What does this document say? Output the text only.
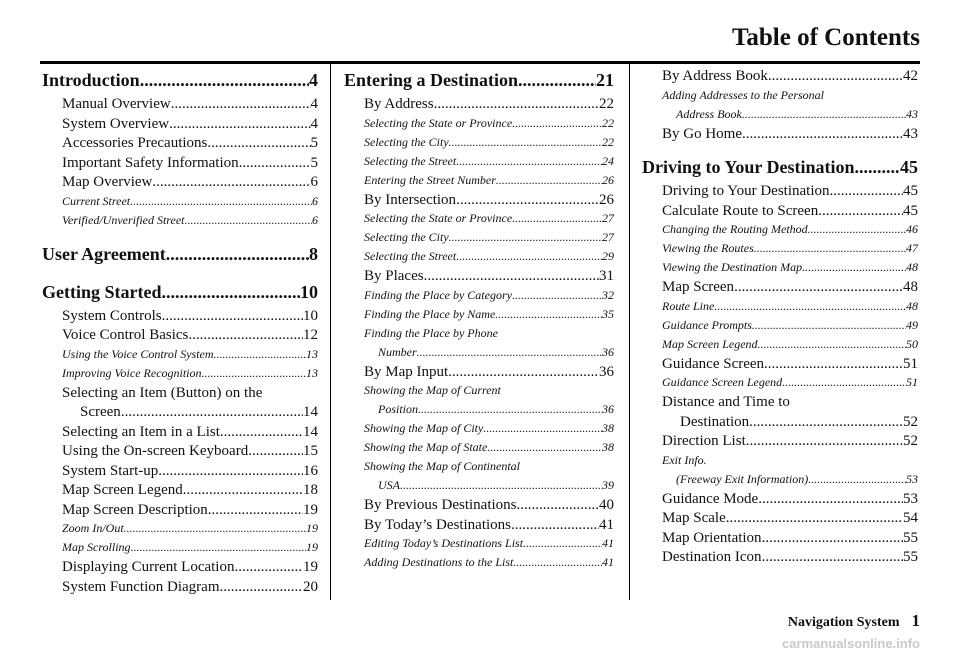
Table of Contents
Introduction .....	4
Manual Overview .....	4
System Overview .....	4
Accessories Precautions .....	5
Important Safety Information .....	5
Map Overview .....	6
Current Street .....	6
Verified/Unverified Street .....	6
User Agreement .....	8
Getting Started .....	10
System Controls .....	10
Voice Control Basics .....	12
Using the Voice Control System .....	13
Improving Voice Recognition .....	13
Selecting an Item (Button) on the
Screen .....	14
Selecting an Item in a List .....	14
Using the On-screen Keyboard .....	15
System Start-up .....	16
Map Screen Legend .....	18
Map Screen Description .....	19
Zoom In/Out .....	19
Map Scrolling .....	19
Displaying Current Location .....	19
System Function Diagram .....	20
Entering a Destination .....	21
By Address .....	22
Selecting the State or Province .....	22
Selecting the City .....	22
Selecting the Street .....	24
Entering the Street Number .....	26
By Intersection .....	26
Selecting the State or Province .....	27
Selecting the City .....	27
Selecting the Street .....	29
By Places .....	31
Finding the Place by Category .....	32
Finding the Place by Name .....	35
Finding the Place by Phone
Number .....	36
By Map Input .....	36
Showing the Map of Current
Position .....	36
Showing the Map of City .....	38
Showing the Map of State .....	38
Showing the Map of Continental
USA .....	39
By Previous Destinations .....	40
By Today’s Destinations .....	41
Editing Today’s Destinations List .....	41
Adding Destinations to the List .....	41
By Address Book .....	42
Adding Addresses to the Personal
Address Book .....	43
By Go Home .....	43
Driving to Your Destination .....	45
Driving to Your Destination .....	45
Calculate Route to Screen .....	45
Changing the Routing Method .....	46
Viewing the Routes .....	47
Viewing the Destination Map .....	48
Map Screen .....	48
Route Line .....	48
Guidance Prompts .....	49
Map Screen Legend .....	50
Guidance Screen .....	51
Guidance Screen Legend .....	51
Distance and Time to
Destination .....	52
Direction List .....	52
Exit Info.
(Freeway Exit Information) .....	53
Guidance Mode .....	53
Map Scale .....	54
Map Orientation .....	55
Destination Icon .....	55
Navigation System 1
carmanualsonline.info
